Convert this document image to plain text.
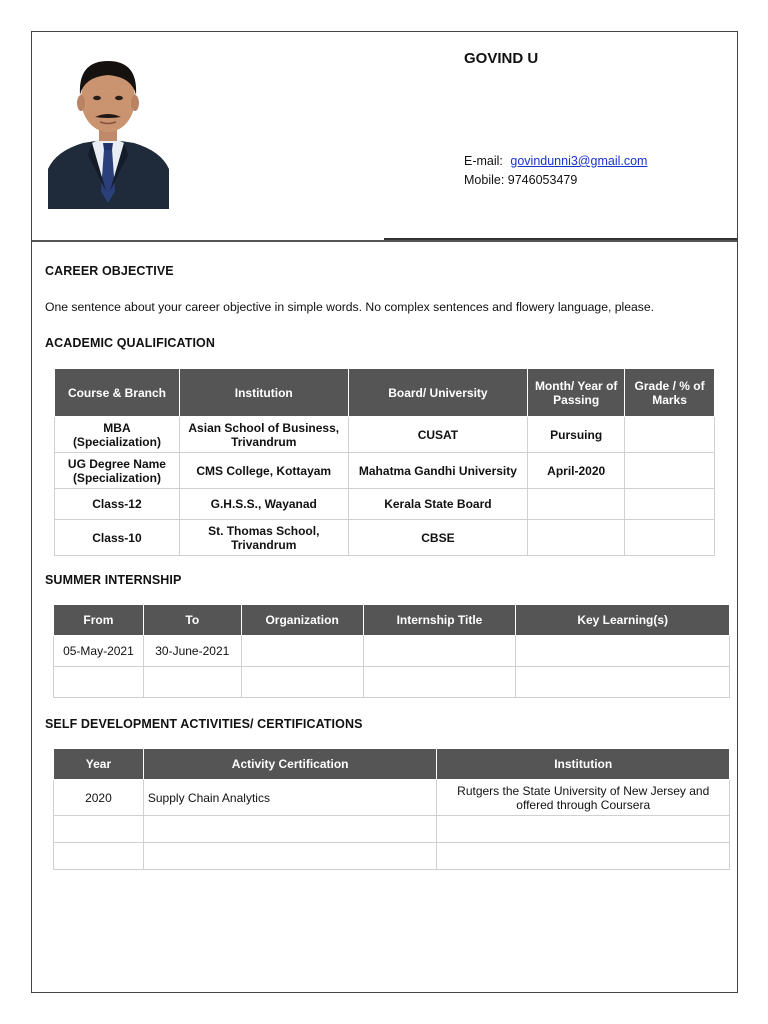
GOVIND U
E-mail: govindunni3@gmail.com
Mobile: 9746053479
CAREER OBJECTIVE
One sentence about your career objective in simple words. No complex sentences and flowery language, please.
ACADEMIC QUALIFICATION
Course & Branch	Institution	Board/ University	Month/ Year of Passing	Grade / % of Marks
MBA (Specialization)	Asian School of Business, Trivandrum	CUSAT	Pursuing	
UG Degree Name (Specialization)	CMS College, Kottayam	Mahatma Gandhi University	April-2020	
Class-12	G.H.S.S., Wayanad	Kerala State Board		
Class-10	St. Thomas School, Trivandrum	CBSE		
SUMMER INTERNSHIP
From	To	Organization	Internship Title	Key Learning(s)
05-May-2021	30-June-2021			

SELF DEVELOPMENT ACTIVITIES/ CERTIFICATIONS
Year	Activity Certification	Institution
2020	Supply Chain Analytics	Rutgers the State University of New Jersey and offered through Coursera
